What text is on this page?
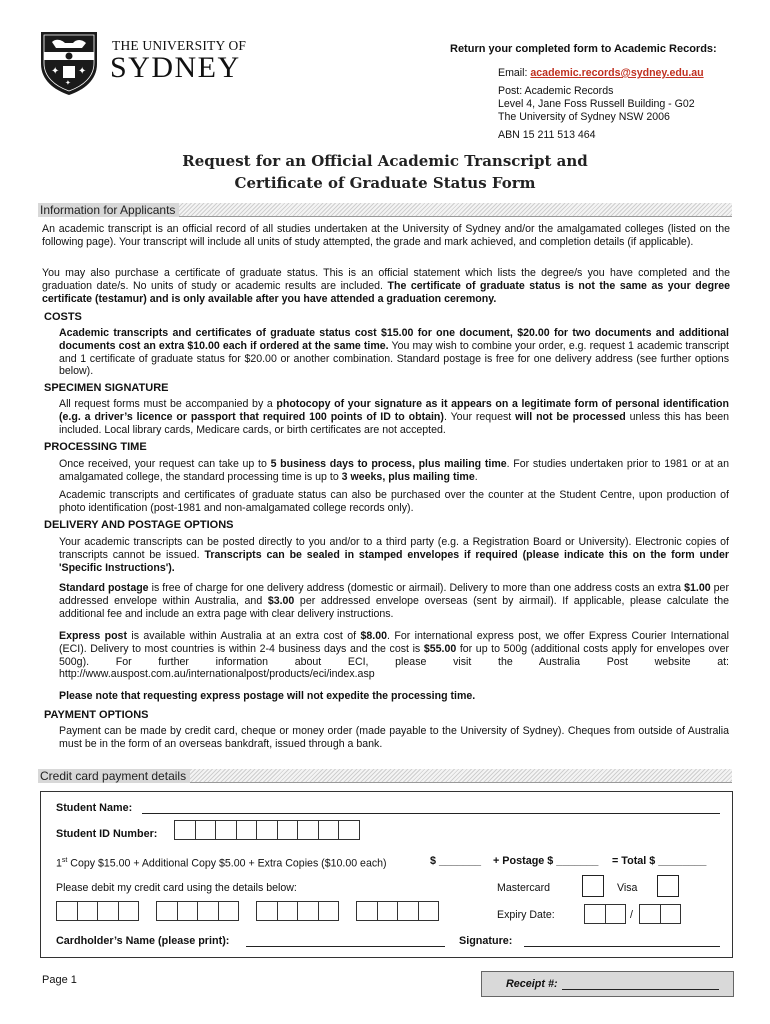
✦ ✦
✦
THE UNIVERSITY OF
SYDNEY
Return your completed form to Academic Records:
Email: academic.records@sydney.edu.au
Post: Academic Records
Level 4, Jane Foss Russell Building - G02
The University of Sydney NSW 2006
ABN 15 211 513 464
Request for an Official Academic Transcript and
Certificate of Graduate Status Form
Information for Applicants
An academic transcript is an official record of all studies undertaken at the University of Sydney and/or the amalgamated colleges (listed on the following page). Your transcript will include all units of study attempted, the grade and mark achieved, and completion details (if applicable).
You may also purchase a certificate of graduate status. This is an official statement which lists the degree/s you have completed and the graduation date/s. No units of study or academic results are included. The certificate of graduate status is not the same as your degree certificate (testamur) and is only available after you have attended a graduation ceremony.
COSTS
Academic transcripts and certificates of graduate status cost $15.00 for one document, $20.00 for two documents and additional documents cost an extra $10.00 each if ordered at the same time. You may wish to combine your order, e.g. request 1 academic transcript and 1 certificate of graduate status for $20.00 or another combination. Standard postage is free for one delivery address (see further options below).
SPECIMEN SIGNATURE
All request forms must be accompanied by a photocopy of your signature as it appears on a legitimate form of personal identification (e.g. a driver’s licence or passport that required 100 points of ID to obtain). Your request will not be processed unless this has been included. Local library cards, Medicare cards, or birth certificates are not accepted.
PROCESSING TIME
Once received, your request can take up to 5 business days to process, plus mailing time. For studies undertaken prior to 1981 or at an amalgamated college, the standard processing time is up to 3 weeks, plus mailing time.
Academic transcripts and certificates of graduate status can also be purchased over the counter at the Student Centre, upon production of photo identification (post-1981 and non-amalgamated college records only).
DELIVERY AND POSTAGE OPTIONS
Your academic transcripts can be posted directly to you and/or to a third party (e.g. a Registration Board or University). Electronic copies of transcripts cannot be issued. Transcripts can be sealed in stamped envelopes if required (please indicate this on the form under 'Specific Instructions').
Standard postage is free of charge for one delivery address (domestic or airmail). Delivery to more than one address costs an extra $1.00 per addressed envelope within Australia, and $3.00 per addressed envelope overseas (sent by airmail). If applicable, please calculate the additional fee and include an extra page with clear delivery instructions.
Express post is available within Australia at an extra cost of $8.00. For international express post, we offer Express Courier International (ECI). Delivery to most countries is within 2-4 business days and the cost is $55.00 for up to 500g (additional costs apply for envelopes over 500g). For further information about ECI, please visit the Australia Post website at: http://www.auspost.com.au/internationalpost/products/eci/index.asp
Please note that requesting express postage will not expedite the processing time.
PAYMENT OPTIONS
Payment can be made by credit card, cheque or money order (made payable to the University of Sydney). Cheques from outside of Australia must be in the form of an overseas bankdraft, issued through a bank.
Credit card payment details
Student Name:
Student ID Number:
1st Copy $15.00 + Additional Copy $5.00 + Extra Copies ($10.00 each)	$ _______ + Postage $ _______ = Total $ ________
Please debit my credit card using the details below:	Mastercard	Visa
Expiry Date:	/
Cardholder’s Name (please print):	Signature:
Page 1	Receipt #:
